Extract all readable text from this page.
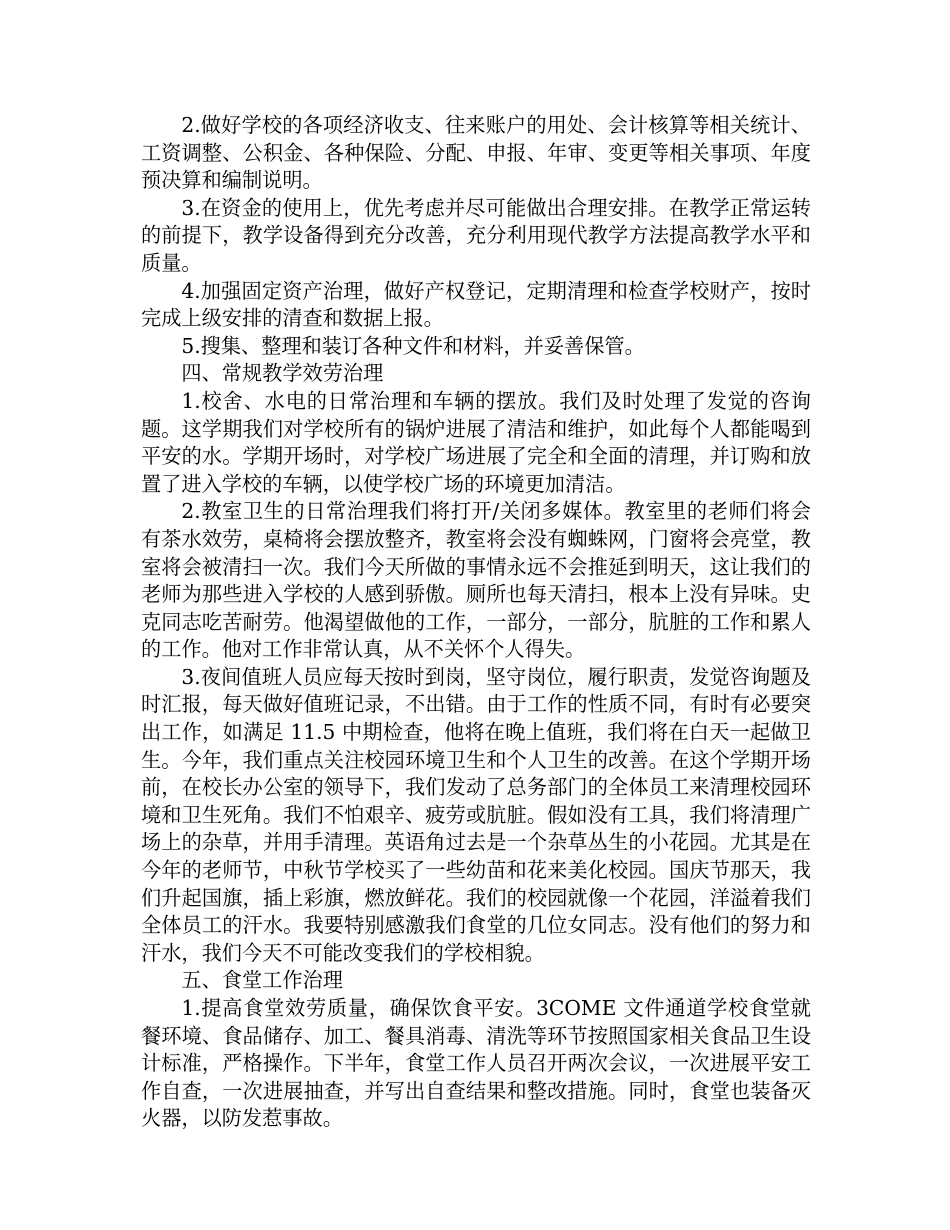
2.做好学校的各项经济收支、往来账户的用处、会计核算等相关统计、工资调整、公积金、各种保险、分配、申报、年审、变更等相关事项、年度预决算和编制说明。

3.在资金的使用上，优先考虑并尽可能做出合理安排。在教学正常运转的前提下，教学设备得到充分改善，充分利用现代教学方法提高教学水平和质量。

4.加强固定资产治理，做好产权登记，定期清理和检查学校财产，按时完成上级安排的清查和数据上报。

5.搜集、整理和装订各种文件和材料，并妥善保管。

四、常规教学效劳治理

1.校舍、水电的日常治理和车辆的摆放。我们及时处理了发觉的咨询题。这学期我们对学校所有的锅炉进展了清洁和维护，如此每个人都能喝到平安的水。学期开场时，对学校广场进展了完全和全面的清理，并订购和放置了进入学校的车辆，以使学校广场的环境更加清洁。

2.教室卫生的日常治理我们将打开/关闭多媒体。教室里的老师们将会有茶水效劳，桌椅将会摆放整齐，教室将会没有蜘蛛网，门窗将会亮堂，教室将会被清扫一次。我们今天所做的事情永远不会推延到明天，这让我们的老师为那些进入学校的人感到骄傲。厕所也每天清扫，根本上没有异味。史克同志吃苦耐劳。他渴望做他的工作，一部分，一部分，肮脏的工作和累人的工作。他对工作非常认真，从不关怀个人得失。

3.夜间值班人员应每天按时到岗，坚守岗位，履行职责，发觉咨询题及时汇报，每天做好值班记录，不出错。由于工作的性质不同，有时有必要突出工作，如满足 11.5 中期检查，他将在晚上值班，我们将在白天一起做卫生。今年，我们重点关注校园环境卫生和个人卫生的改善。在这个学期开场前，在校长办公室的领导下，我们发动了总务部门的全体员工来清理校园环境和卫生死角。我们不怕艰辛、疲劳或肮脏。假如没有工具，我们将清理广场上的杂草，并用手清理。英语角过去是一个杂草丛生的小花园。尤其是在今年的老师节，中秋节学校买了一些幼苗和花来美化校园。国庆节那天，我们升起国旗，插上彩旗，燃放鲜花。我们的校园就像一个花园，洋溢着我们全体员工的汗水。我要特别感激我们食堂的几位女同志。没有他们的努力和汗水，我们今天不可能改变我们的学校相貌。

五、食堂工作治理

1.提高食堂效劳质量，确保饮食平安。3COME 文件通道学校食堂就餐环境、食品储存、加工、餐具消毒、清洗等环节按照国家相关食品卫生设计标准，严格操作。下半年，食堂工作人员召开两次会议，一次进展平安工作自查，一次进展抽查，并写出自查结果和整改措施。同时，食堂也装备灭火器，以防发惹事故。
